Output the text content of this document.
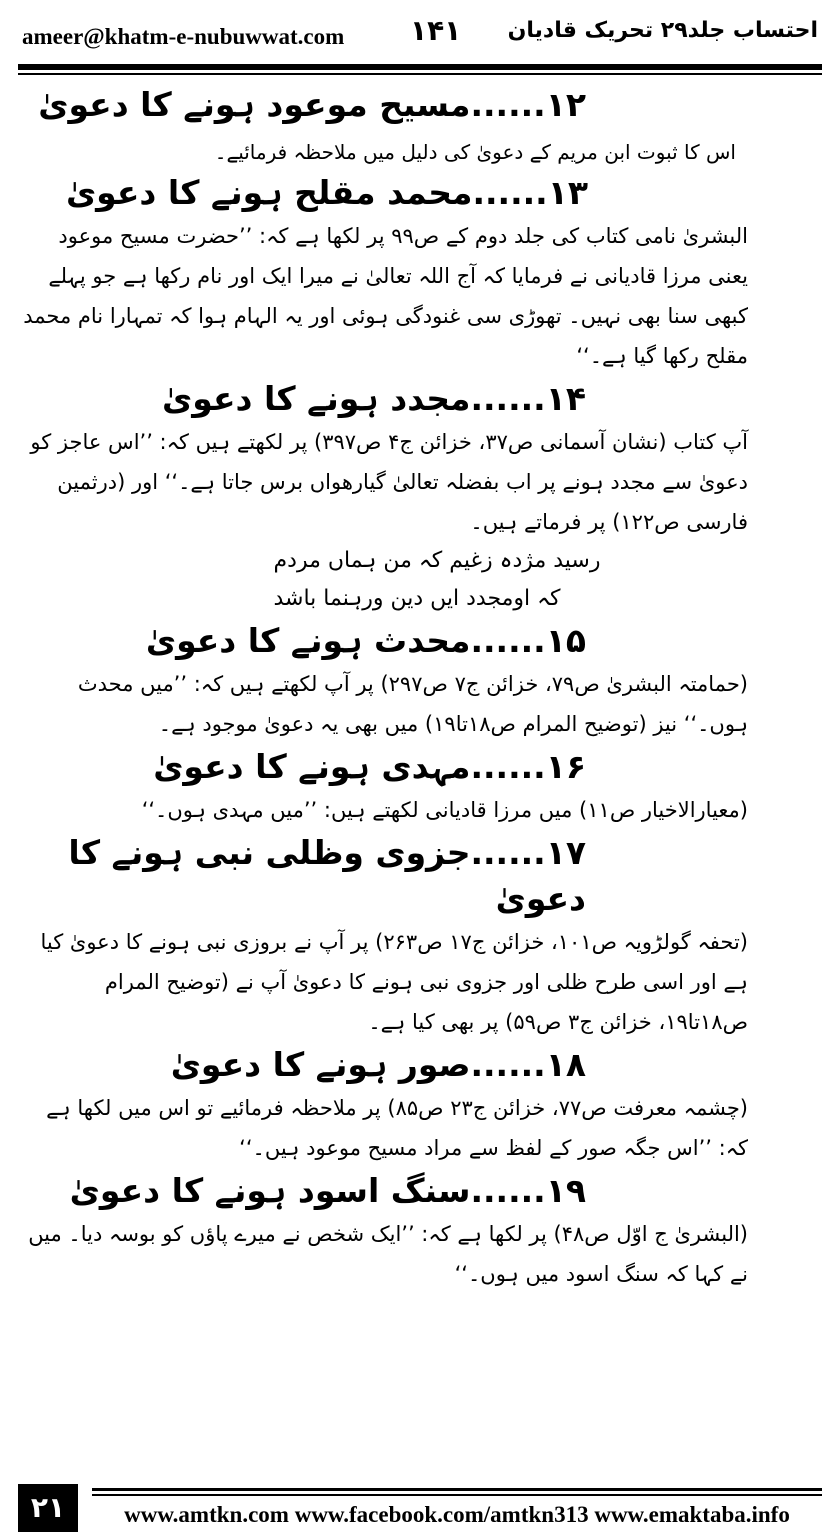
ameer@khatm-e-nubuwwat.com ۱۴۱ احتساب جلد۲۹ تحریک قادیان
۱۲......مسیح موعود ہونے کا دعویٰ

اس کا ثبوت ابن مریم کے دعویٰ کی دلیل میں ملاحظہ فرمائیے۔

۱۳......محمد مقلح ہونے کا دعویٰ

البشریٰ نامی کتاب کی جلد دوم کے ص۹۹ پر لکھا ہے کہ: ’’حضرت مسیح موعود یعنی مرزا قادیانی نے فرمایا کہ آج اللہ تعالیٰ نے میرا ایک اور نام رکھا ہے جو پہلے کبھی سنا بھی نہیں۔ تھوڑی سی غنودگی ہوئی اور یہ الہام ہوا کہ تمہارا نام محمد مقلح رکھا گیا ہے۔‘‘

۱۴......مجدد ہونے کا دعویٰ

آپ کتاب (نشان آسمانی ص۳۷، خزائن ج۴ ص۳۹۷) پر لکھتے ہیں کہ: ’’اس عاجز کو دعویٰ سے مجدد ہونے پر اب بفضلہ تعالیٰ گیارھواں برس جاتا ہے۔‘‘ اور (درثمین فارسی ص۱۲۲) پر فرماتے ہیں۔

رسید مژدہ زغیم کہ من ہماں مردم

کہ اومجدد ایں دین ورہنما باشد

۱۵......محدث ہونے کا دعویٰ

(حمامتہ البشریٰ ص۷۹، خزائن ج۷ ص۲۹۷) پر آپ لکھتے ہیں کہ: ’’میں محدث ہوں۔‘‘ نیز (توضیح المرام ص۱۸تا۱۹) میں بھی یہ دعویٰ موجود ہے۔

۱۶......مہدی ہونے کا دعویٰ

(معیارالاخیار ص۱۱) میں مرزا قادیانی لکھتے ہیں: ’’میں مہدی ہوں۔‘‘

۱۷......جزوی وظلی نبی ہونے کا دعویٰ

(تحفہ گولڑویہ ص۱۰۱، خزائن ج۱۷ ص۲۶۳) پر آپ نے بروزی نبی ہونے کا دعویٰ کیا ہے اور اسی طرح ظلی اور جزوی نبی ہونے کا دعویٰ آپ نے (توضیح المرام ص۱۸تا۱۹، خزائن ج۳ ص۵۹) پر بھی کیا ہے۔

۱۸......صور ہونے کا دعویٰ

(چشمہ معرفت ص۷۷، خزائن ج۲۳ ص۸۵) پر ملاحظہ فرمائیے تو اس میں لکھا ہے کہ: ’’اس جگہ صور کے لفظ سے مراد مسیح موعود ہیں۔‘‘

۱۹......سنگ اسود ہونے کا دعویٰ

(البشریٰ ج اوّل ص۴۸) پر لکھا ہے کہ: ’’ایک شخص نے میرے پاؤں کو بوسہ دیا۔ میں نے کہا کہ سنگ اسود میں ہوں۔‘‘

۲۱	www.amtkn.com www.facebook.com/amtkn313 www.emaktaba.info
